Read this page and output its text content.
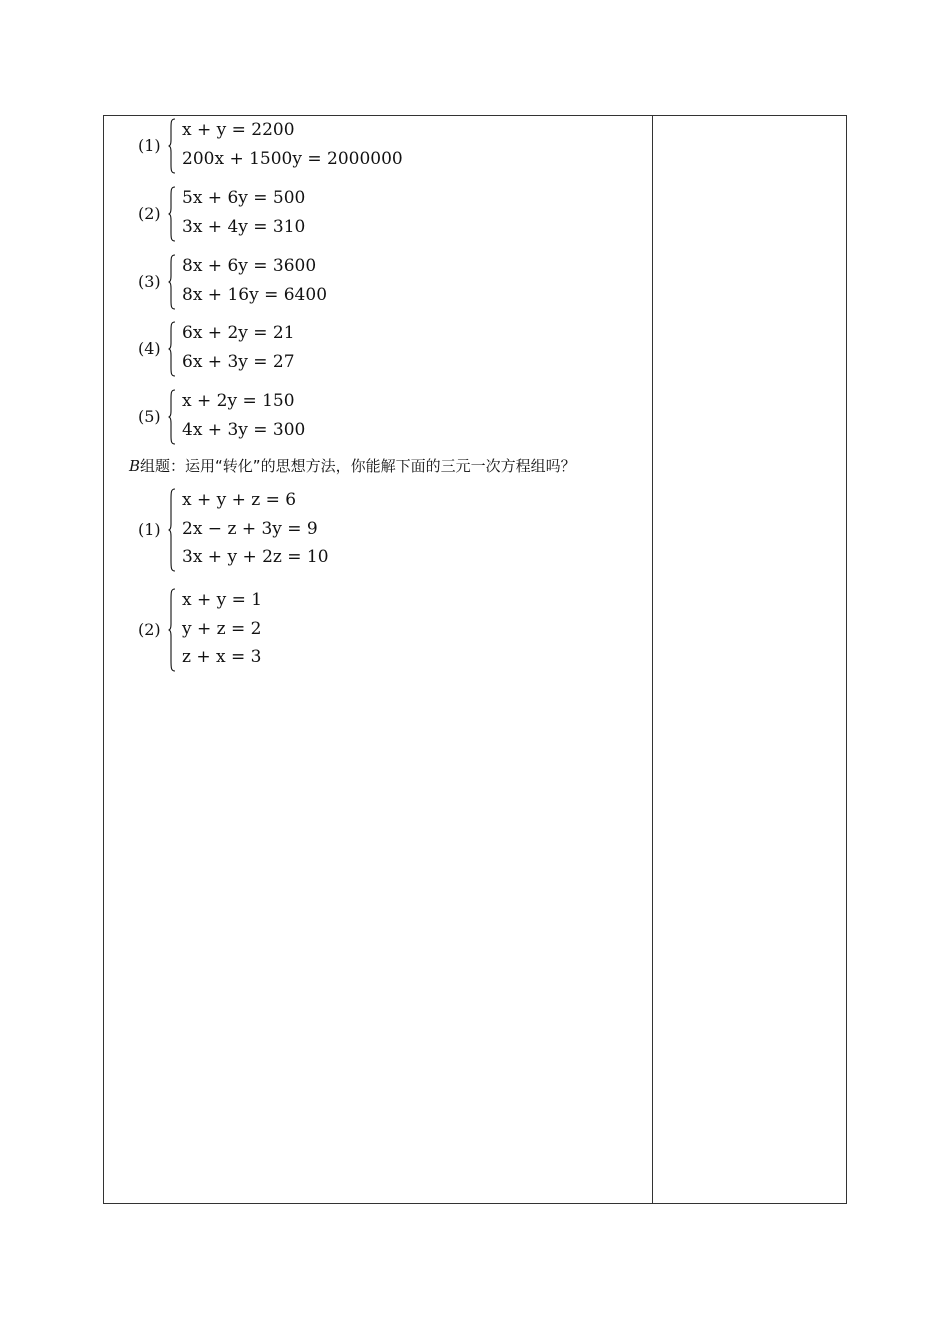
(1)
x + y = 2200
200x + 1500y = 2000000
(2)
5x + 6y = 500
3x + 4y = 310
(3)
8x + 6y = 3600
8x + 16y = 6400
(4)
6x + 2y = 21
6x + 3y = 27
(5)
x + 2y = 150
4x + 3y = 300
B组题：运用“转化”的思想方法，你能解下面的三元一次方程组吗？
(1)
x + y + z = 6
2x − z + 3y = 9
3x + y + 2z = 10
(2)
x + y = 1
y + z = 2
z + x = 3
